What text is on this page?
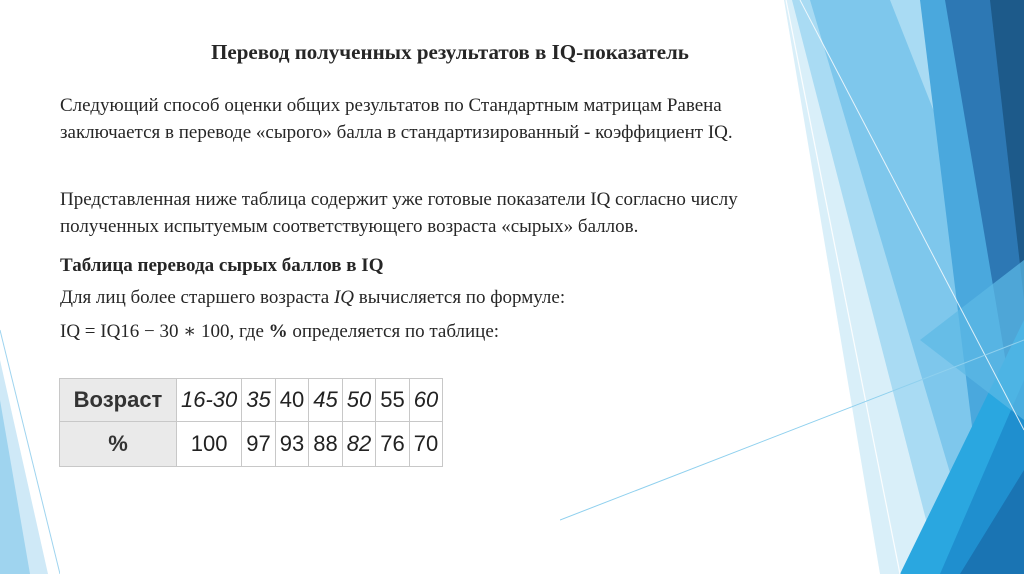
Перевод полученных результатов в IQ-показатель
Следующий способ оценки общих результатов по Стандартным матрицам Равена заключается в переводе «сырого» балла в стандартизированный - коэффициент IQ.
Представленная ниже таблица содержит уже готовые показатели IQ согласно числу полученных испытуемым соответствующего возраста «сырых» баллов.
Таблица перевода сырых баллов в IQ
Для лиц более старшего возраста IQ вычисляется по формуле:
IQ = IQ16 − 30 ∗ 100, где % определяется по таблице:
Возраст	16-30	35	40	45	50	55	60
%	100	97	93	88	82	76	70
